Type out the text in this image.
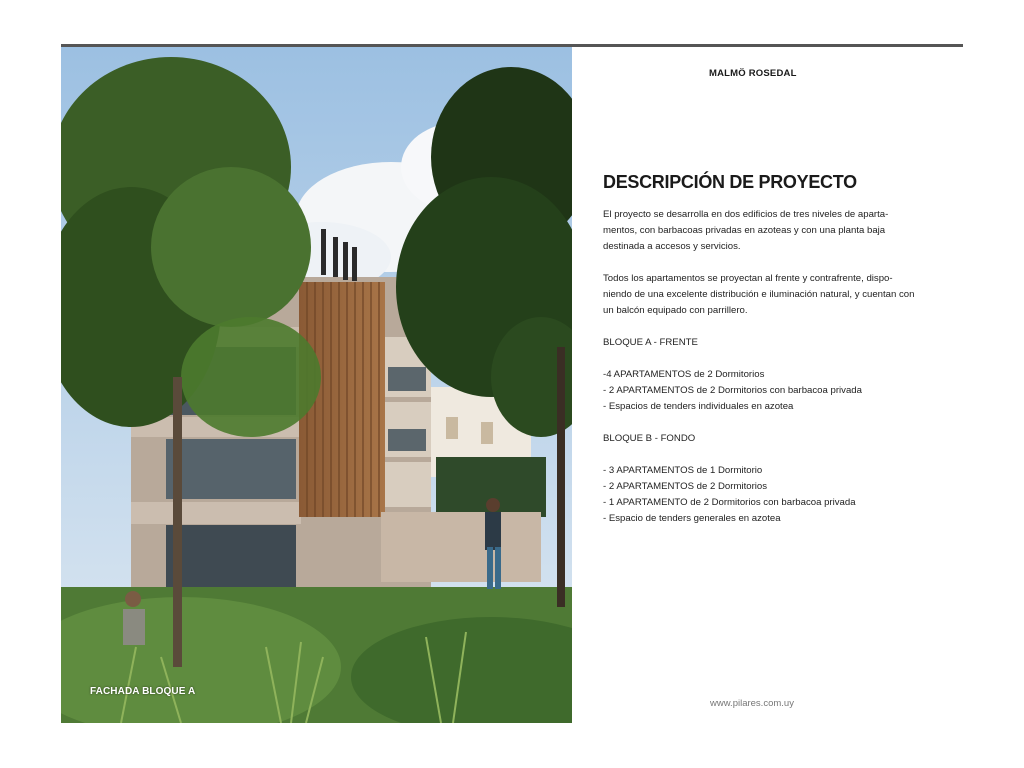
FACHADA BLOQUE A
MALMÖ ROSEDAL
DESCRIPCIÓN DE PROYECTO

El proyecto se desarrolla en dos edificios de tres niveles de aparta- mentos, con barbacoas privadas en azoteas y con una planta baja destinada a accesos y servicios.

Todos los apartamentos se proyectan al frente y contrafrente, dispo- niendo de una excelente distribución e iluminación natural, y cuentan con un balcón equipado con parrillero.

BLOQUE A - FRENTE
-4 APARTAMENTOS de 2 Dormitorios
- 2 APARTAMENTOS de 2 Dormitorios con barbacoa privada
- Espacios de tenders individuales en azotea
BLOQUE B - FONDO
- 3 APARTAMENTOS de 1 Dormitorio
- 2 APARTAMENTOS de 2 Dormitorios
- 1 APARTAMENTO de 2 Dormitorios con barbacoa privada
- Espacio de tenders generales en azotea
www.pilares.com.uy
